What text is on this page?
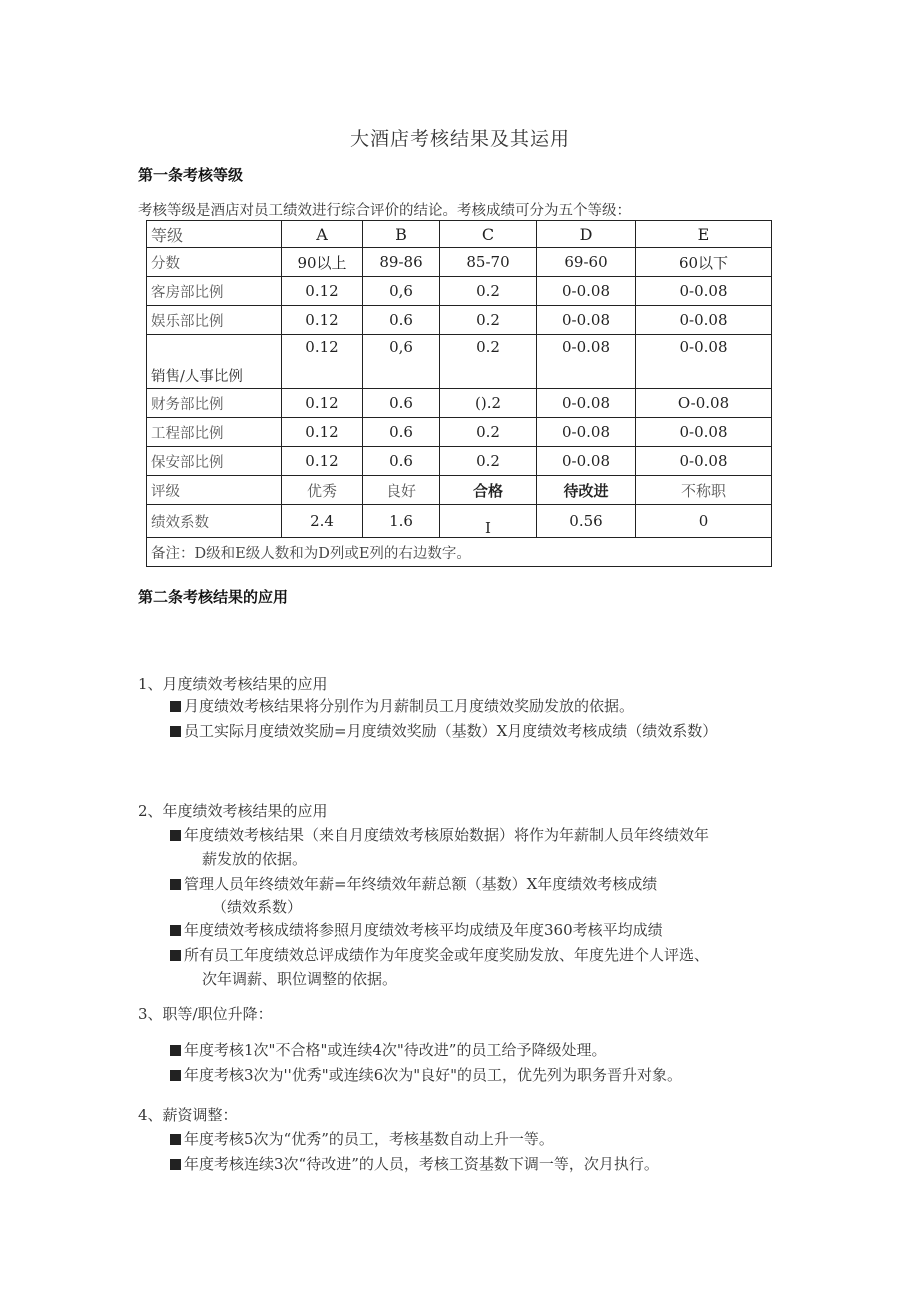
大酒店考核结果及其运用
第一条考核等级
考核等级是酒店对员工绩效进行综合评价的结论。考核成绩可分为五个等级：
等级	A	B	C	D	E
分数	90以上	89-86	85-70	69-60	60以下
客房部比例	0.12	0,6	0.2	0-0.08	0-0.08
娱乐部比例	0.12	0.6	0.2	0-0.08	0-0.08
销售/人事比例	0.12	0,6	0.2	0-0.08	0-0.08
财务部比例	0.12	0.6	().2	0-0.08	O-0.08
工程部比例	0.12	0.6	0.2	0-0.08	0-0.08
保安部比例	0.12	0.6	0.2	0-0.08	0-0.08
评级	优秀	良好	合格	待改进	不称职
绩效系数	2.4	1.6	I	0.56	0
备注：D级和E级人数和为D列或E列的右边数字。					
第二条考核结果的应用
1、月度绩效考核结果的应用
月度绩效考核结果将分别作为月薪制员工月度绩效奖励发放的依据。
员工实际月度绩效奖励=月度绩效奖励（基数）X月度绩效考核成绩（绩效系数）
2、年度绩效考核结果的应用
年度绩效考核结果（来自月度绩效考核原始数据）将作为年薪制人员年终绩效年
薪发放的依据。
管理人员年终绩效年薪=年终绩效年薪总额（基数）X年度绩效考核成绩
（绩效系数）
年度绩效考核成绩将参照月度绩效考核平均成绩及年度360考核平均成绩
所有员工年度绩效总评成绩作为年度奖金或年度奖励发放、年度先进个人评选、
次年调薪、职位调整的依据。
3、职等/职位升降：
年度考核1次"不合格"或连续4次"待改进”的员工给予降级处理。
年度考核3次为''优秀"或连续6次为"良好"的员工，优先列为职务晋升对象。
4、薪资调整：
年度考核5次为“优秀”的员工，考核基数自动上升一等。
年度考核连续3次“待改进”的人员，考核工资基数下调一等，次月执行。
